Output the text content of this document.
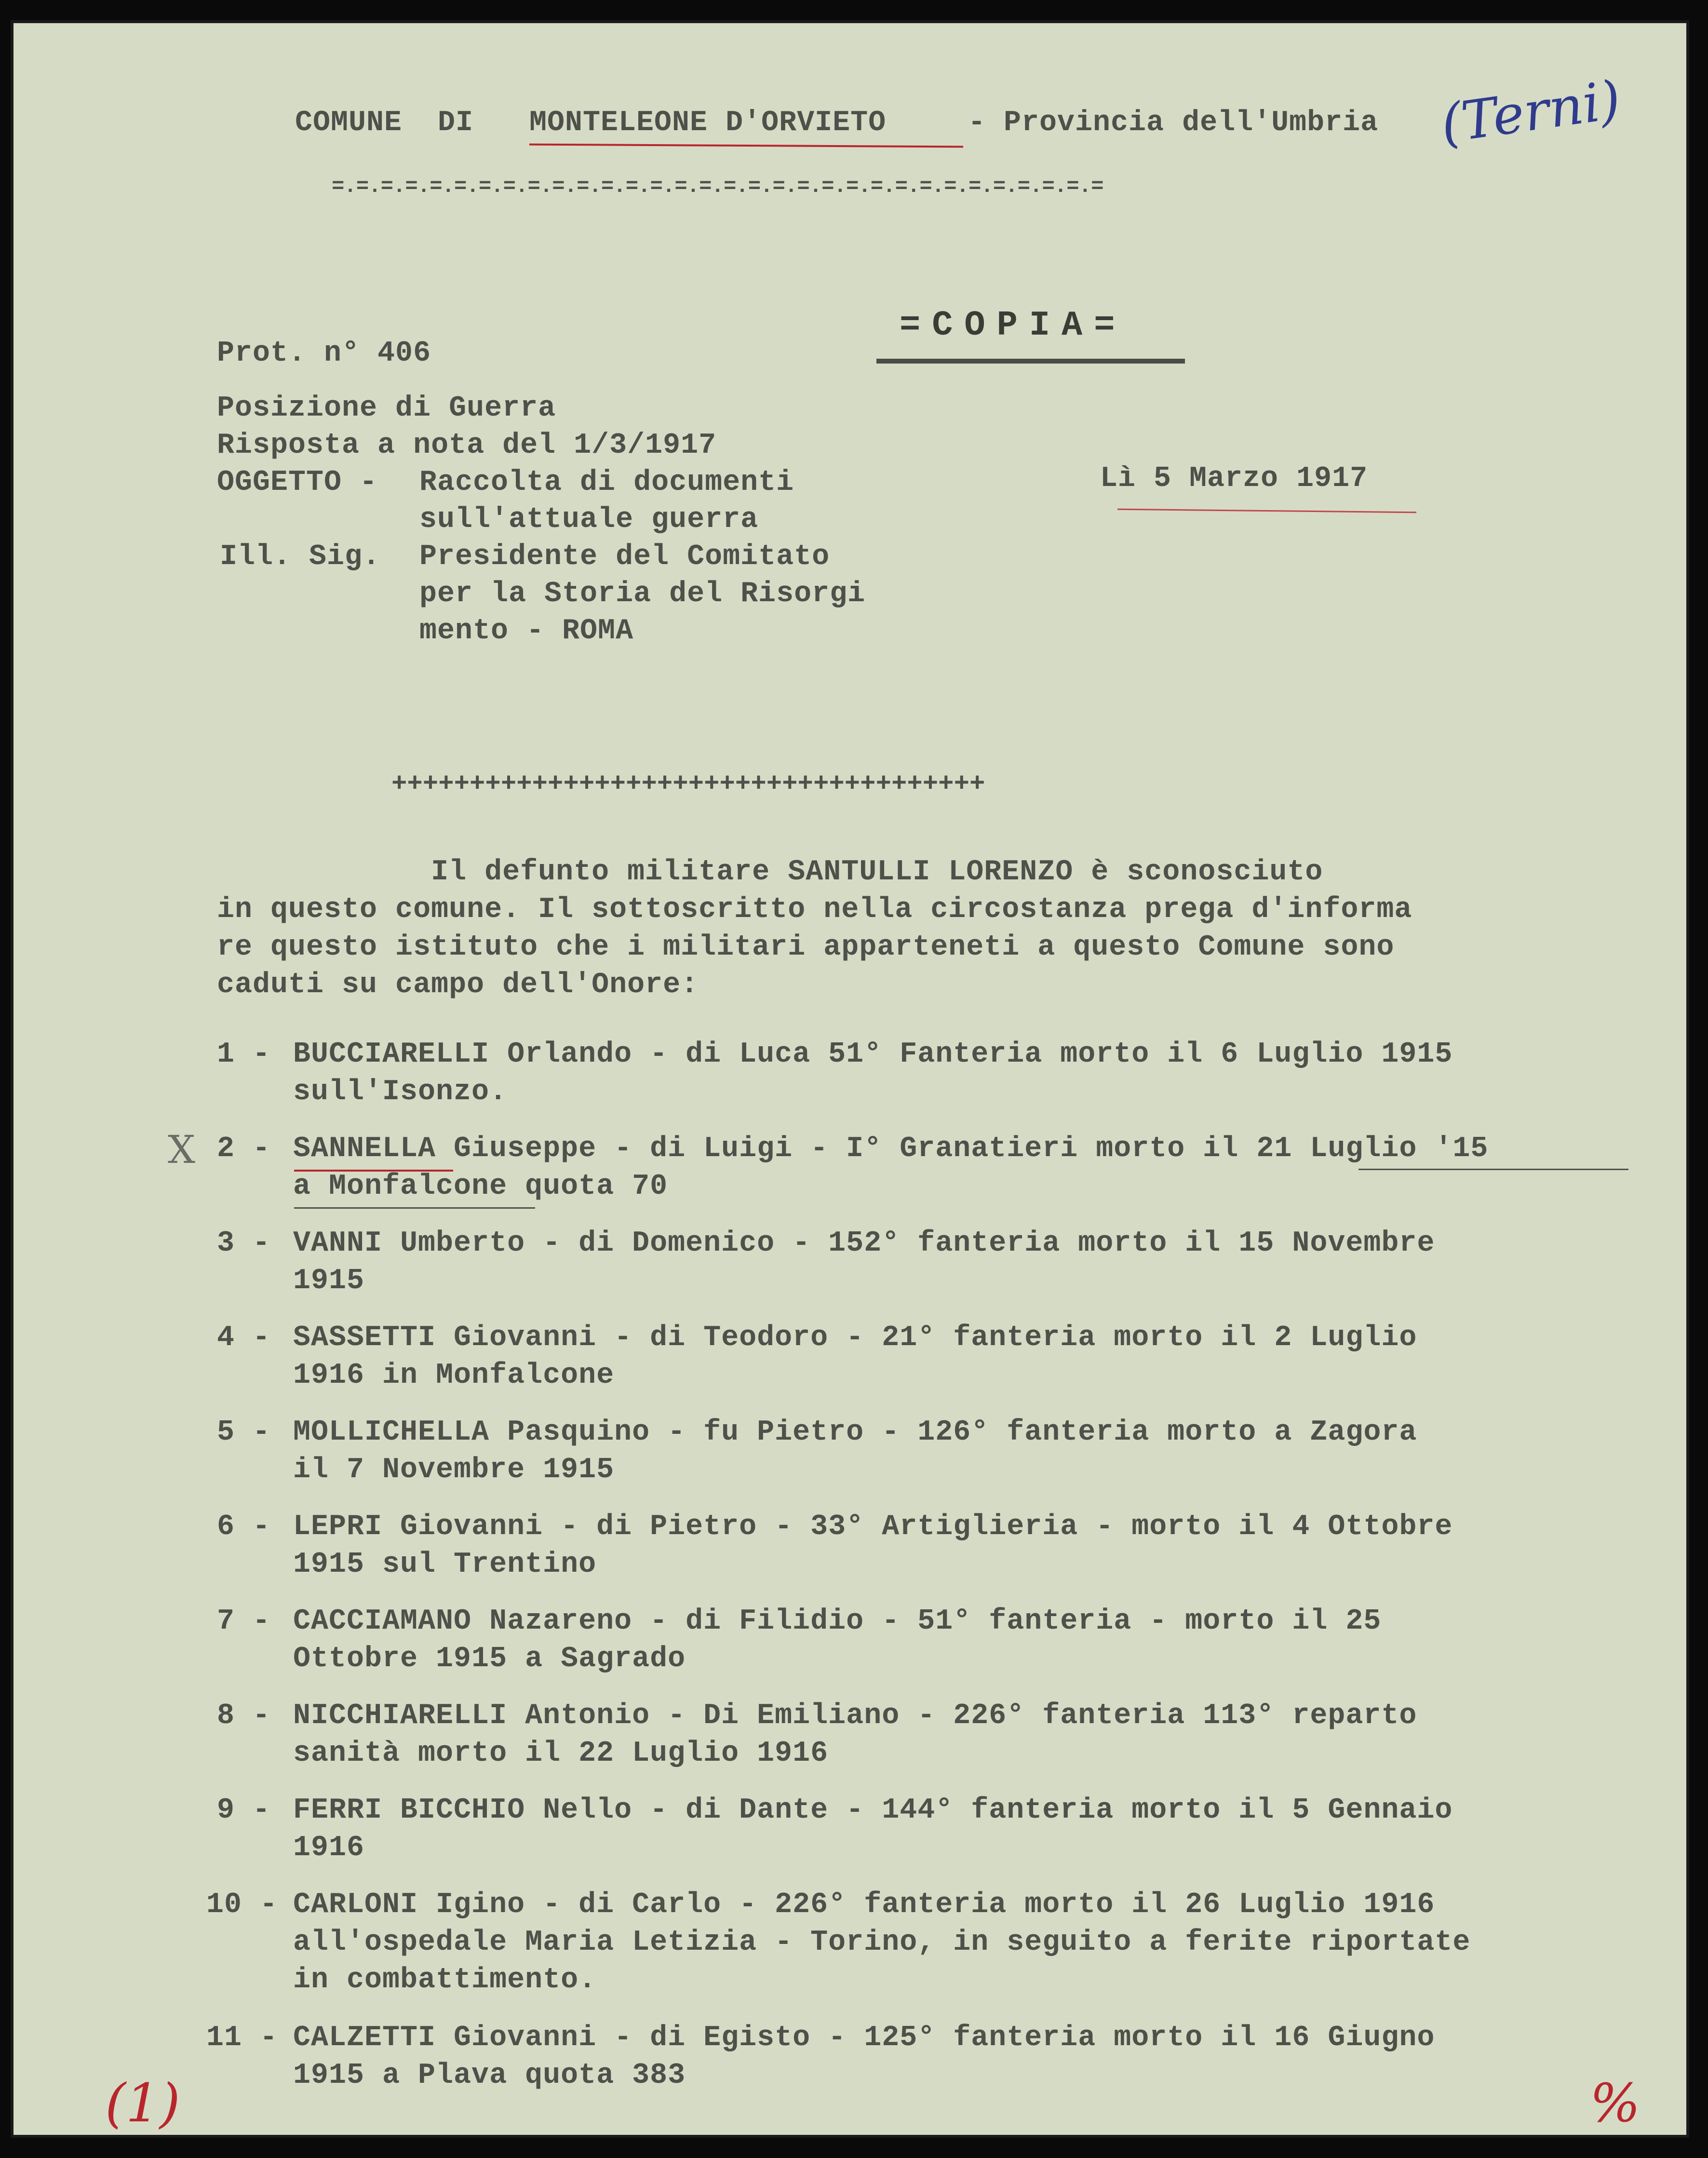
COMUNE  DI MONTELEONE D'ORVIETO	- Provincia dell'Umbria (Terni)
=.=.=.=.=.=.=.=.=.=.=.=.=.=.=.=.=.=.=.=.=.=.=.=.=.=.=.=.=.=.=.=
=COPIA=
Prot. n° 406
Posizione di Guerra
Risposta a nota del 1/3/1917
OGGETTO - Raccolta di documenti
sull'attuale guerra
Ill. Sig. Presidente del Comitato
per la Storia del Risorgi
mento - ROMA
Lì 5 Marzo 1917
++++++++++++++++++++++++++++++++++++++
Il defunto militare SANTULLI LORENZO è sconosciuto
in questo comune. Il sottoscritto nella circostanza prega d'informa
re questo istituto che i militari apparteneti a questo Comune sono
caduti su campo dell'Onore:
1 - BUCCIARELLI Orlando - di Luca 51° Fanteria morto il 6 Luglio 1915
sull'Isonzo.
2 - SANNELLA Giuseppe - di Luigi - I° Granatieri morto il 21 Luglio '15
a Monfalcone quota 70
3 - VANNI Umberto - di Domenico - 152° fanteria morto il 15 Novembre
1915
4 - SASSETTI Giovanni - di Teodoro - 21° fanteria morto il 2 Luglio
1916 in Monfalcone
5 - MOLLICHELLA Pasquino - fu Pietro - 126° fanteria morto a Zagora
il 7 Novembre 1915
6 - LEPRI Giovanni - di Pietro - 33° Artiglieria - morto il 4 Ottobre
1915 sul Trentino
7 - CACCIAMANO Nazareno - di Filidio - 51° fanteria - morto il 25
Ottobre 1915 a Sagrado
8 - NICCHIARELLI Antonio - Di Emiliano - 226° fanteria 113° reparto
sanità morto il 22 Luglio 1916
9 - FERRI BICCHIO Nello - di Dante - 144° fanteria morto il 5 Gennaio
1916
10 - CARLONI Igino - di Carlo - 226° fanteria morto il 26 Luglio 1916
all'ospedale Maria Letizia - Torino, in seguito a ferite riportate
in combattimento.
11 - CALZETTI Giovanni - di Egisto - 125° fanteria morto il 16 Giugno
1915 a Plava quota 383
X
(1)	%
